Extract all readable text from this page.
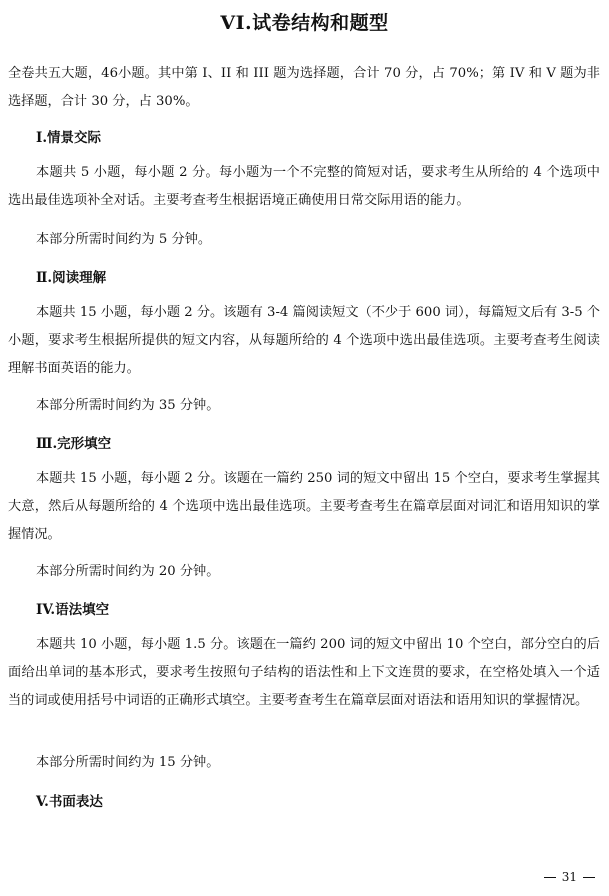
VI.试卷结构和题型

全卷共五大题，46小题。其中第 I、II 和 III 题为选择题，合计 70 分，占 70%；第 IV 和 V 题为非选择题，合计 30 分，占 30%。

I.情景交际

本题共 5 小题，每小题 2 分。每小题为一个不完整的简短对话，要求考生从所给的 4 个选项中选出最佳选项补全对话。主要考查考生根据语境正确使用日常交际用语的能力。

本部分所需时间约为 5 分钟。

Ⅱ.阅读理解

本题共 15 小题，每小题 2 分。该题有 3-4 篇阅读短文（不少于 600 词），每篇短文后有 3-5 个小题，要求考生根据所提供的短文内容，从每题所给的 4 个选项中选出最佳选项。主要考查考生阅读理解书面英语的能力。

本部分所需时间约为 35 分钟。

Ⅲ.完形填空

本题共 15 小题，每小题 2 分。该题在一篇约 250 词的短文中留出 15 个空白，要求考生掌握其大意，然后从每题所给的 4 个选项中选出最佳选项。主要考查考生在篇章层面对词汇和语用知识的掌握情况。

本部分所需时间约为 20 分钟。

IV.语法填空

本题共 10 小题，每小题 1.5 分。该题在一篇约 200 词的短文中留出 10 个空白，部分空白的后面给出单词的基本形式，要求考生按照句子结构的语法性和上下文连贯的要求，在空格处填入一个适当的词或使用括号中词语的正确形式填空。主要考查考生在篇章层面对语法和语用知识的掌握情况。

本部分所需时间约为 15 分钟。

V.书面表达

31
